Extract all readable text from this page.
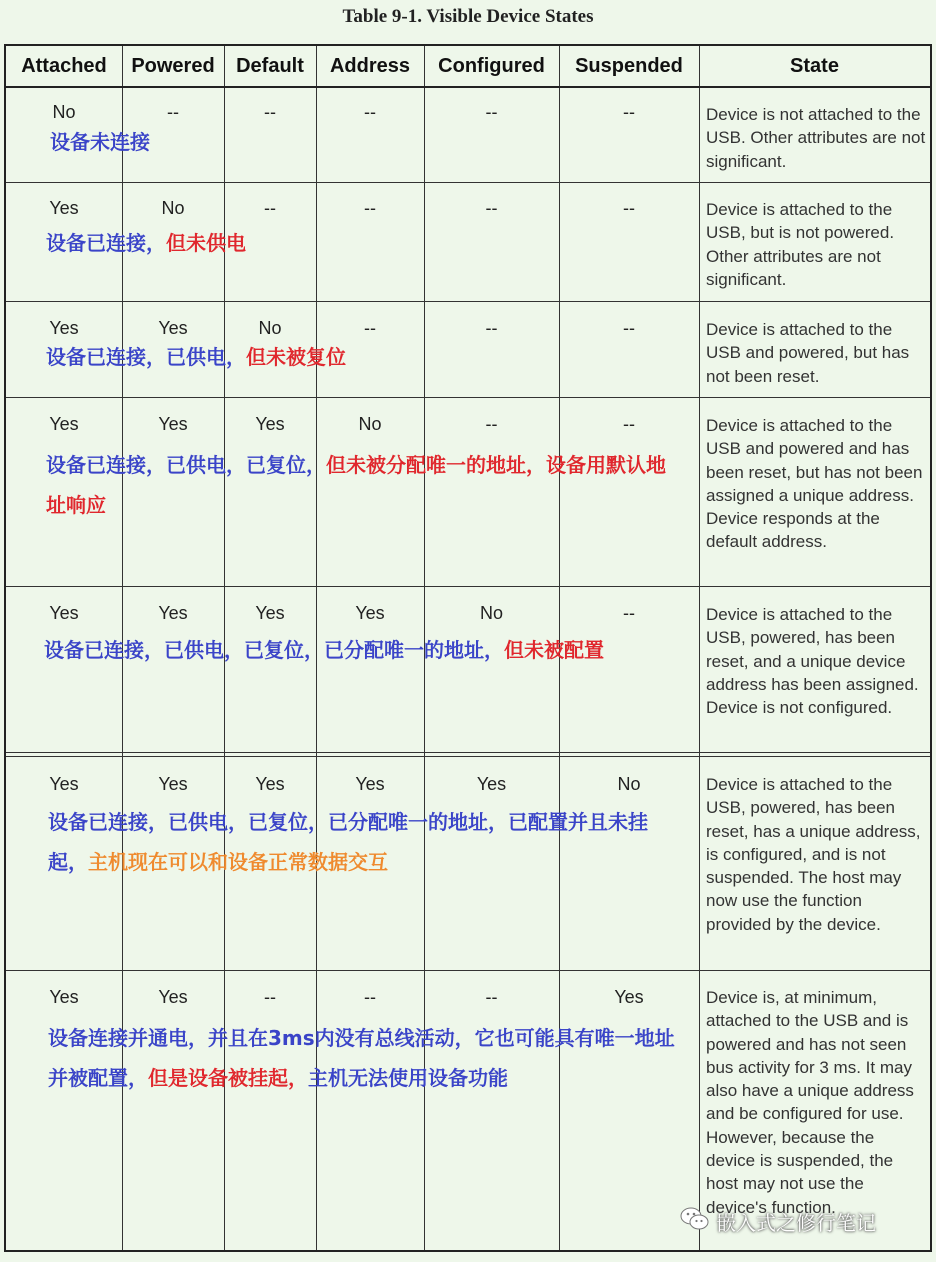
Table 9-1. Visible Device States
Attached	Powered	Default	Address	Configured	Suspended	State
No	--	--	--	--	--	Device is not attached to the USB. Other attributes are not significant.
设备未连接
Yes	No	--	--	--	--	Device is attached to the USB, but is not powered. Other attributes are not significant.
设备已连接，但未供电
Yes	Yes	No	--	--	--	Device is attached to the USB and powered, but has not been reset.
设备已连接，已供电，但未被复位
Yes	Yes	Yes	No	--	--	Device is attached to the USB and powered and has been reset, but has not been assigned a unique address. Device responds at the default address.
设备已连接，已供电，已复位，但未被分配唯一的地址，设备用默认地址响应
Yes	Yes	Yes	Yes	No	--	Device is attached to the USB, powered, has been reset, and a unique device address has been assigned. Device is not configured.
设备已连接，已供电，已复位，已分配唯一的地址，但未被配置
Yes	Yes	Yes	Yes	Yes	No	Device is attached to the USB, powered, has been reset, has a unique address, is configured, and is not suspended. The host may now use the function provided by the device.
设备已连接，已供电，已复位，已分配唯一的地址，已配置并且未挂起，主机现在可以和设备正常数据交互
Yes	Yes	--	--	--	Yes	Device is, at minimum, attached to the USB and is powered and has not seen bus activity for 3 ms. It may also have a unique address and be configured for use. However, because the device is suspended, the host may not use the device's function.
设备连接并通电，并且在3ms内没有总线活动，它也可能具有唯一地址并被配置，但是设备被挂起，主机无法使用设备功能
嵌入式之修行笔记
